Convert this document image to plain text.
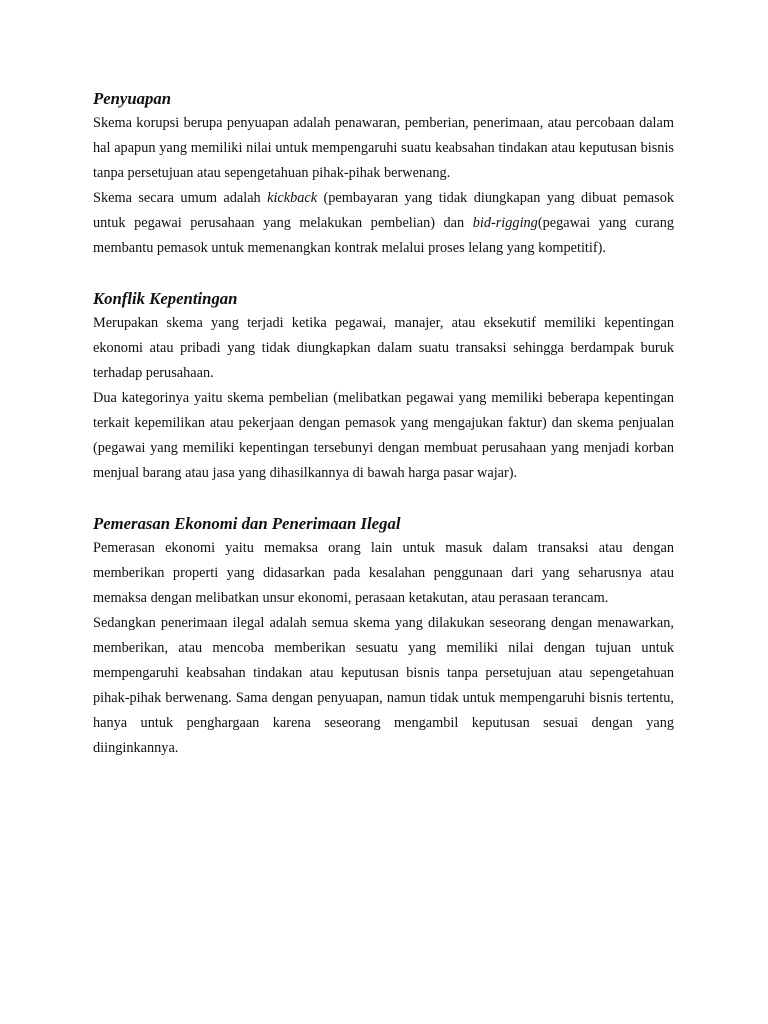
Penyuapan

Skema korupsi berupa penyuapan adalah penawaran, pemberian, penerimaan, atau percobaan dalam hal apapun yang memiliki nilai untuk mempengaruhi suatu keabsahan tindakan atau keputusan bisnis tanpa persetujuan atau sepengetahuan pihak-pihak berwenang.

Skema secara umum adalah kickback (pembayaran yang tidak diungkapan yang dibuat pemasok untuk pegawai perusahaan yang melakukan pembelian) dan bid-rigging(pegawai yang curang membantu pemasok untuk memenangkan kontrak melalui proses lelang yang kompetitif).

Konflik Kepentingan

Merupakan skema yang terjadi ketika pegawai, manajer, atau eksekutif memiliki kepentingan ekonomi atau pribadi yang tidak diungkapkan dalam suatu transaksi sehingga berdampak buruk terhadap perusahaan.

Dua kategorinya yaitu skema pembelian (melibatkan pegawai yang memiliki beberapa kepentingan terkait kepemilikan atau pekerjaan dengan pemasok yang mengajukan faktur) dan skema penjualan (pegawai yang memiliki kepentingan tersebunyi dengan membuat perusahaan yang menjadi korban menjual barang atau jasa yang dihasilkannya di bawah harga pasar wajar).

Pemerasan Ekonomi dan Penerimaan Ilegal

Pemerasan ekonomi yaitu memaksa orang lain untuk masuk dalam transaksi atau dengan memberikan properti yang didasarkan pada kesalahan penggunaan dari yang seharusnya atau memaksa dengan melibatkan unsur ekonomi, perasaan ketakutan, atau perasaan terancam.

Sedangkan penerimaan ilegal adalah semua skema yang dilakukan seseorang dengan menawarkan, memberikan, atau mencoba memberikan sesuatu yang memiliki nilai dengan tujuan untuk mempengaruhi keabsahan tindakan atau keputusan bisnis tanpa persetujuan atau sepengetahuan pihak-pihak berwenang. Sama dengan penyuapan, namun tidak untuk mempengaruhi bisnis tertentu, hanya untuk penghargaan karena seseorang mengambil keputusan sesuai dengan yang diinginkannya.
